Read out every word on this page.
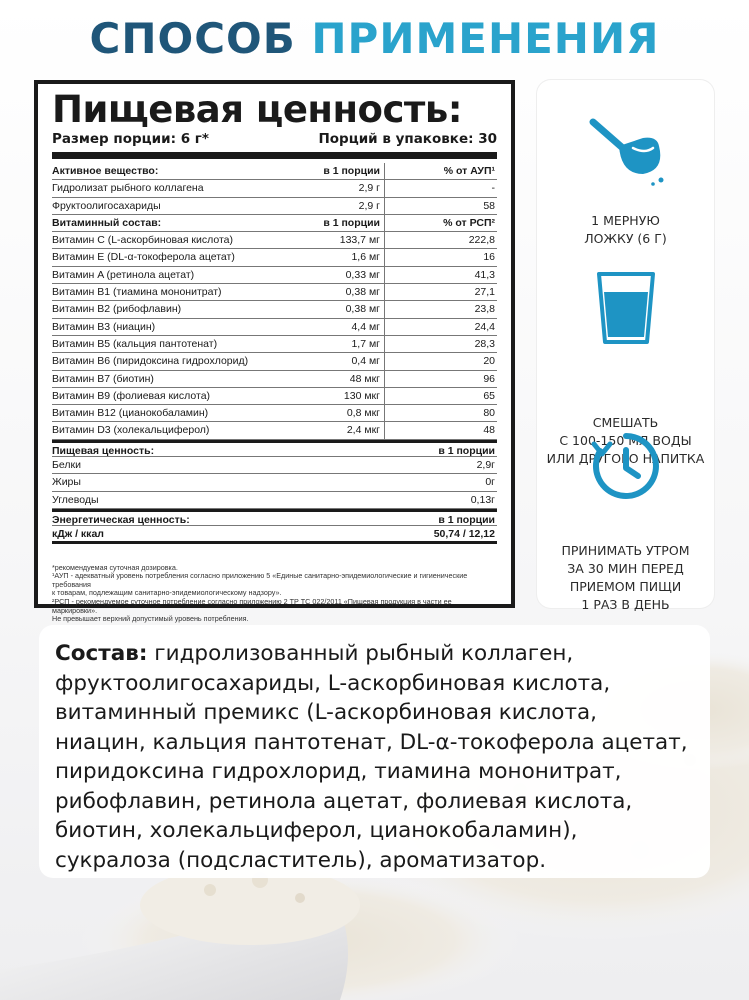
СПОСОБ ПРИМЕНЕНИЯ
Пищевая ценность:
Размер порции: 6 г*	Порций в упаковке: 30
Активное вещество:	в 1 порции	% от АУП¹
Гидролизат рыбного коллагена	2,9 г	-
Фруктоолигосахариды	2,9 г	58
Витаминный состав:	в 1 порции	% от РСП²
Витамин C (L-аскорбиновая кислота)	133,7 мг	222,8
Витамин E (DL-α-токоферола ацетат)	1,6 мг	16
Витамин A (ретинола ацетат)	0,33 мг	41,3
Витамин B1 (тиамина мононитрат)	0,38 мг	27,1
Витамин B2 (рибофлавин)	0,38 мг	23,8
Витамин B3 (ниацин)	4,4 мг	24,4
Витамин B5 (кальция пантотенат)	1,7 мг	28,3
Витамин B6 (пиридоксина гидрохлорид)	0,4 мг	20
Витамин B7 (биотин)	48 мкг	96
Витамин B9 (фолиевая кислота)	130 мкг	65
Витамин B12 (цианокобаламин)	0,8 мкг	80
Витамин D3 (холекальциферол)	2,4 мкг	48
Пищевая ценность:	в 1 порции
Белки	2,9г
Жиры	0г
Углеводы	0,13г
Энергетическая ценность:	в 1 порции
кДж / ккал	50,74 / 12,12
*рекомендуемая суточная дозировка.
¹АУП - адекватный уровень потребления согласно приложению 5 «Единые санитарно-эпидемиологические и гигиенические требования
к товарам, подлежащим санитарно-эпидемиологическому надзору».
²РСП - рекомендуемое суточное потребление согласно приложению 2 ТР ТС 022/2011 «Пищевая продукция в части ее маркировки».
Не превышает верхний допустимый уровень потребления.
1 МЕРНУЮ
ЛОЖКУ (6 Г)
СМЕШАТЬ
С 100-150 МЛ ВОДЫ
ИЛИ ДРУГОГО НАПИТКА
ПРИНИМАТЬ УТРОМ
ЗА 30 МИН ПЕРЕД
ПРИЕМОМ ПИЩИ
1 РАЗ В ДЕНЬ
Состав: гидролизованный рыбный коллаген, фруктоолигосахариды, L-аскорбиновая кислота, витаминный премикс (L-аскорбиновая кислота, ниацин, кальция пантотенат, DL-α-токоферола ацетат, пиридоксина гидрохлорид, тиамина мононитрат, рибофлавин, ретинола ацетат, фолиевая кислота, биотин, холекальциферол, цианокобаламин), сукралоза (подсластитель), ароматизатор.
